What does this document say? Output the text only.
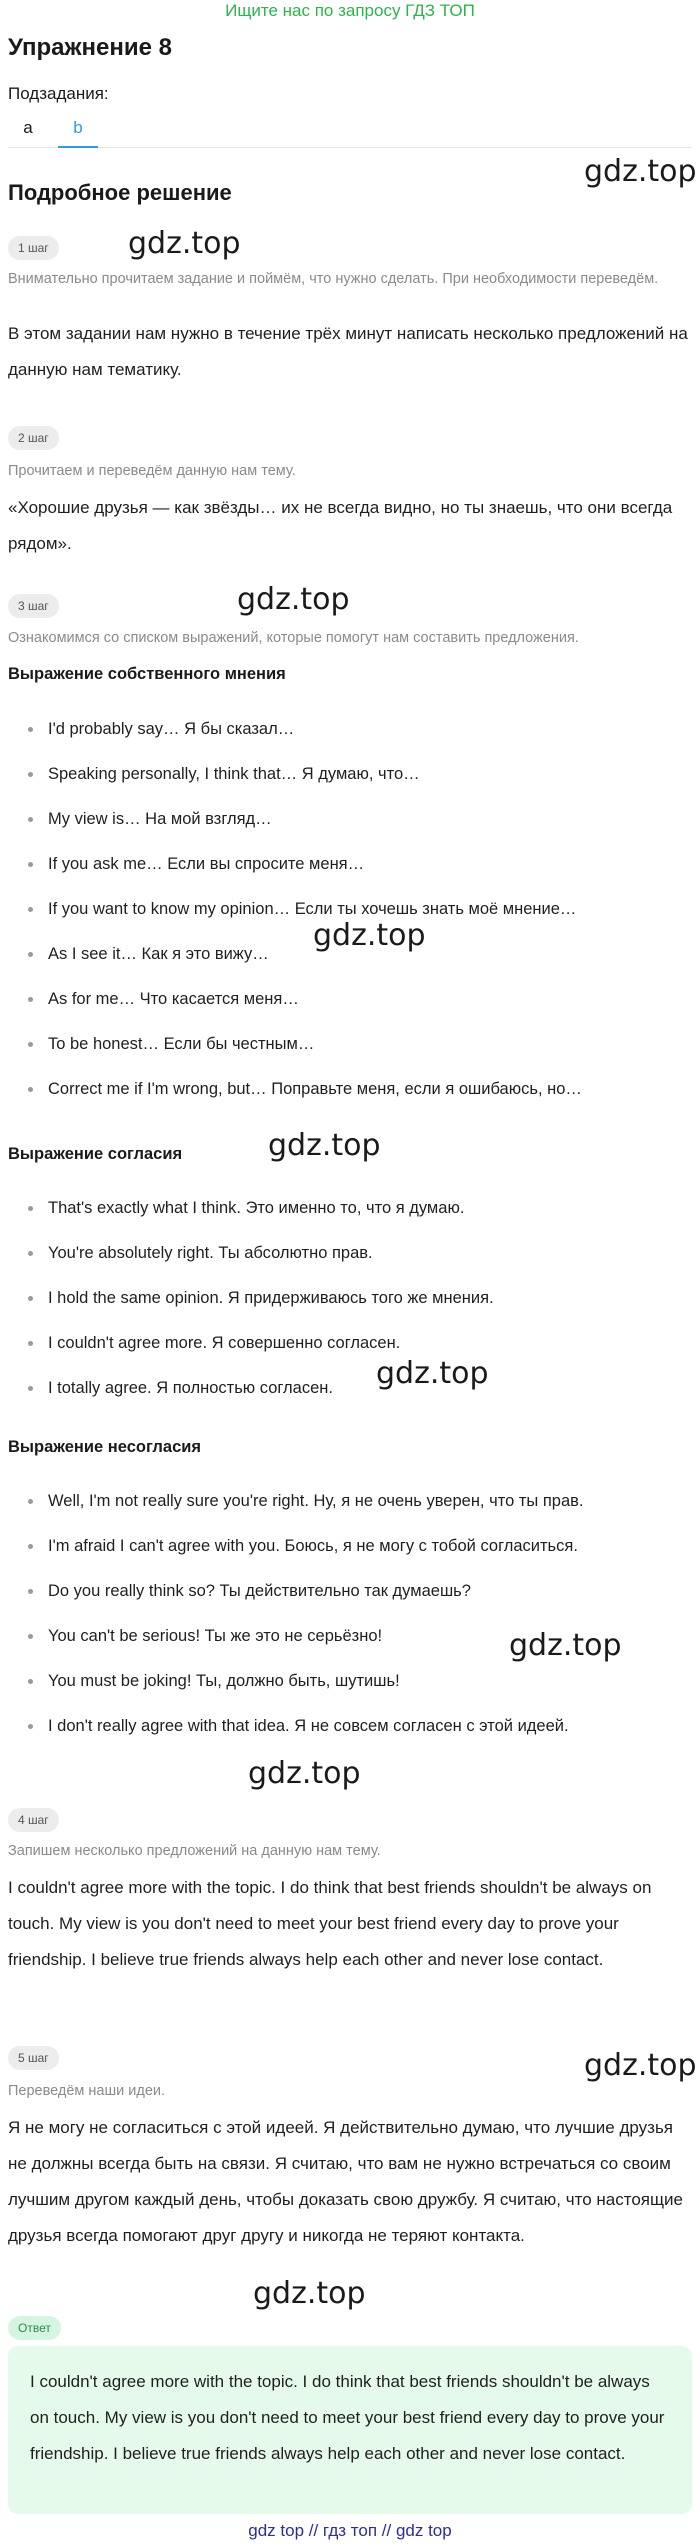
Ищите нас по запросу ГДЗ ТОП
Упражнение 8
Подзадания:
a	b
Подробное решение
gdz.top
gdz.top
gdz.top
gdz.top
gdz.top
gdz.top
gdz.top
gdz.top
gdz.top
gdz.top
1 шаг
Внимательно прочитаем задание и поймём, что нужно сделать. При необходимости переведём.
В этом задании нам нужно в течение трёх минут написать несколько предложений на данную нам тематику.
2 шаг
Прочитаем и переведём данную нам тему.
«Хорошие друзья — как звёзды… их не всегда видно, но ты знаешь, что они всегда рядом».
3 шаг
Ознакомимся со списком выражений, которые помогут нам составить предложения.
Выражение собственного мнения
I'd probably say… Я бы сказал…
Speaking personally, I think that… Я думаю, что…
My view is… На мой взгляд…
If you ask me… Если вы спросите меня…
If you want to know my opinion… Если ты хочешь знать моё мнение…
As I see it… Как я это вижу…
As for me… Что касается меня…
To be honest… Если бы честным…
Correct me if I'm wrong, but… Поправьте меня, если я ошибаюсь, но…
Выражение согласия
That's exactly what I think. Это именно то, что я думаю.
You're absolutely right. Ты абсолютно прав.
I hold the same opinion. Я придерживаюсь того же мнения.
I couldn't agree more. Я совершенно согласен.
I totally agree. Я полностью согласен.
Выражение несогласия
Well, I'm not really sure you're right. Ну, я не очень уверен, что ты прав.
I'm afraid I can't agree with you. Боюсь, я не могу с тобой согласиться.
Do you really think so? Ты действительно так думаешь?
You can't be serious! Ты же это не серьёзно!
You must be joking! Ты, должно быть, шутишь!
I don't really agree with that idea. Я не совсем согласен с этой идеей.
4 шаг
Запишем несколько предложений на данную нам тему.
I couldn't agree more with the topic. I do think that best friends shouldn't be always on touch. My view is you don't need to meet your best friend every day to prove your friendship. I believe true friends always help each other and never lose contact.
5 шаг
Переведём наши идеи.
Я не могу не согласиться с этой идеей. Я действительно думаю, что лучшие друзья не должны всегда быть на связи. Я считаю, что вам не нужно встречаться со своим лучшим другом каждый день, чтобы доказать свою дружбу. Я считаю, что настоящие друзья всегда помогают друг другу и никогда не теряют контакта.
Ответ
I couldn't agree more with the topic. I do think that best friends shouldn't be always on touch. My view is you don't need to meet your best friend every day to prove your friendship. I believe true friends always help each other and never lose contact.
gdz top // гдз топ // gdz top
